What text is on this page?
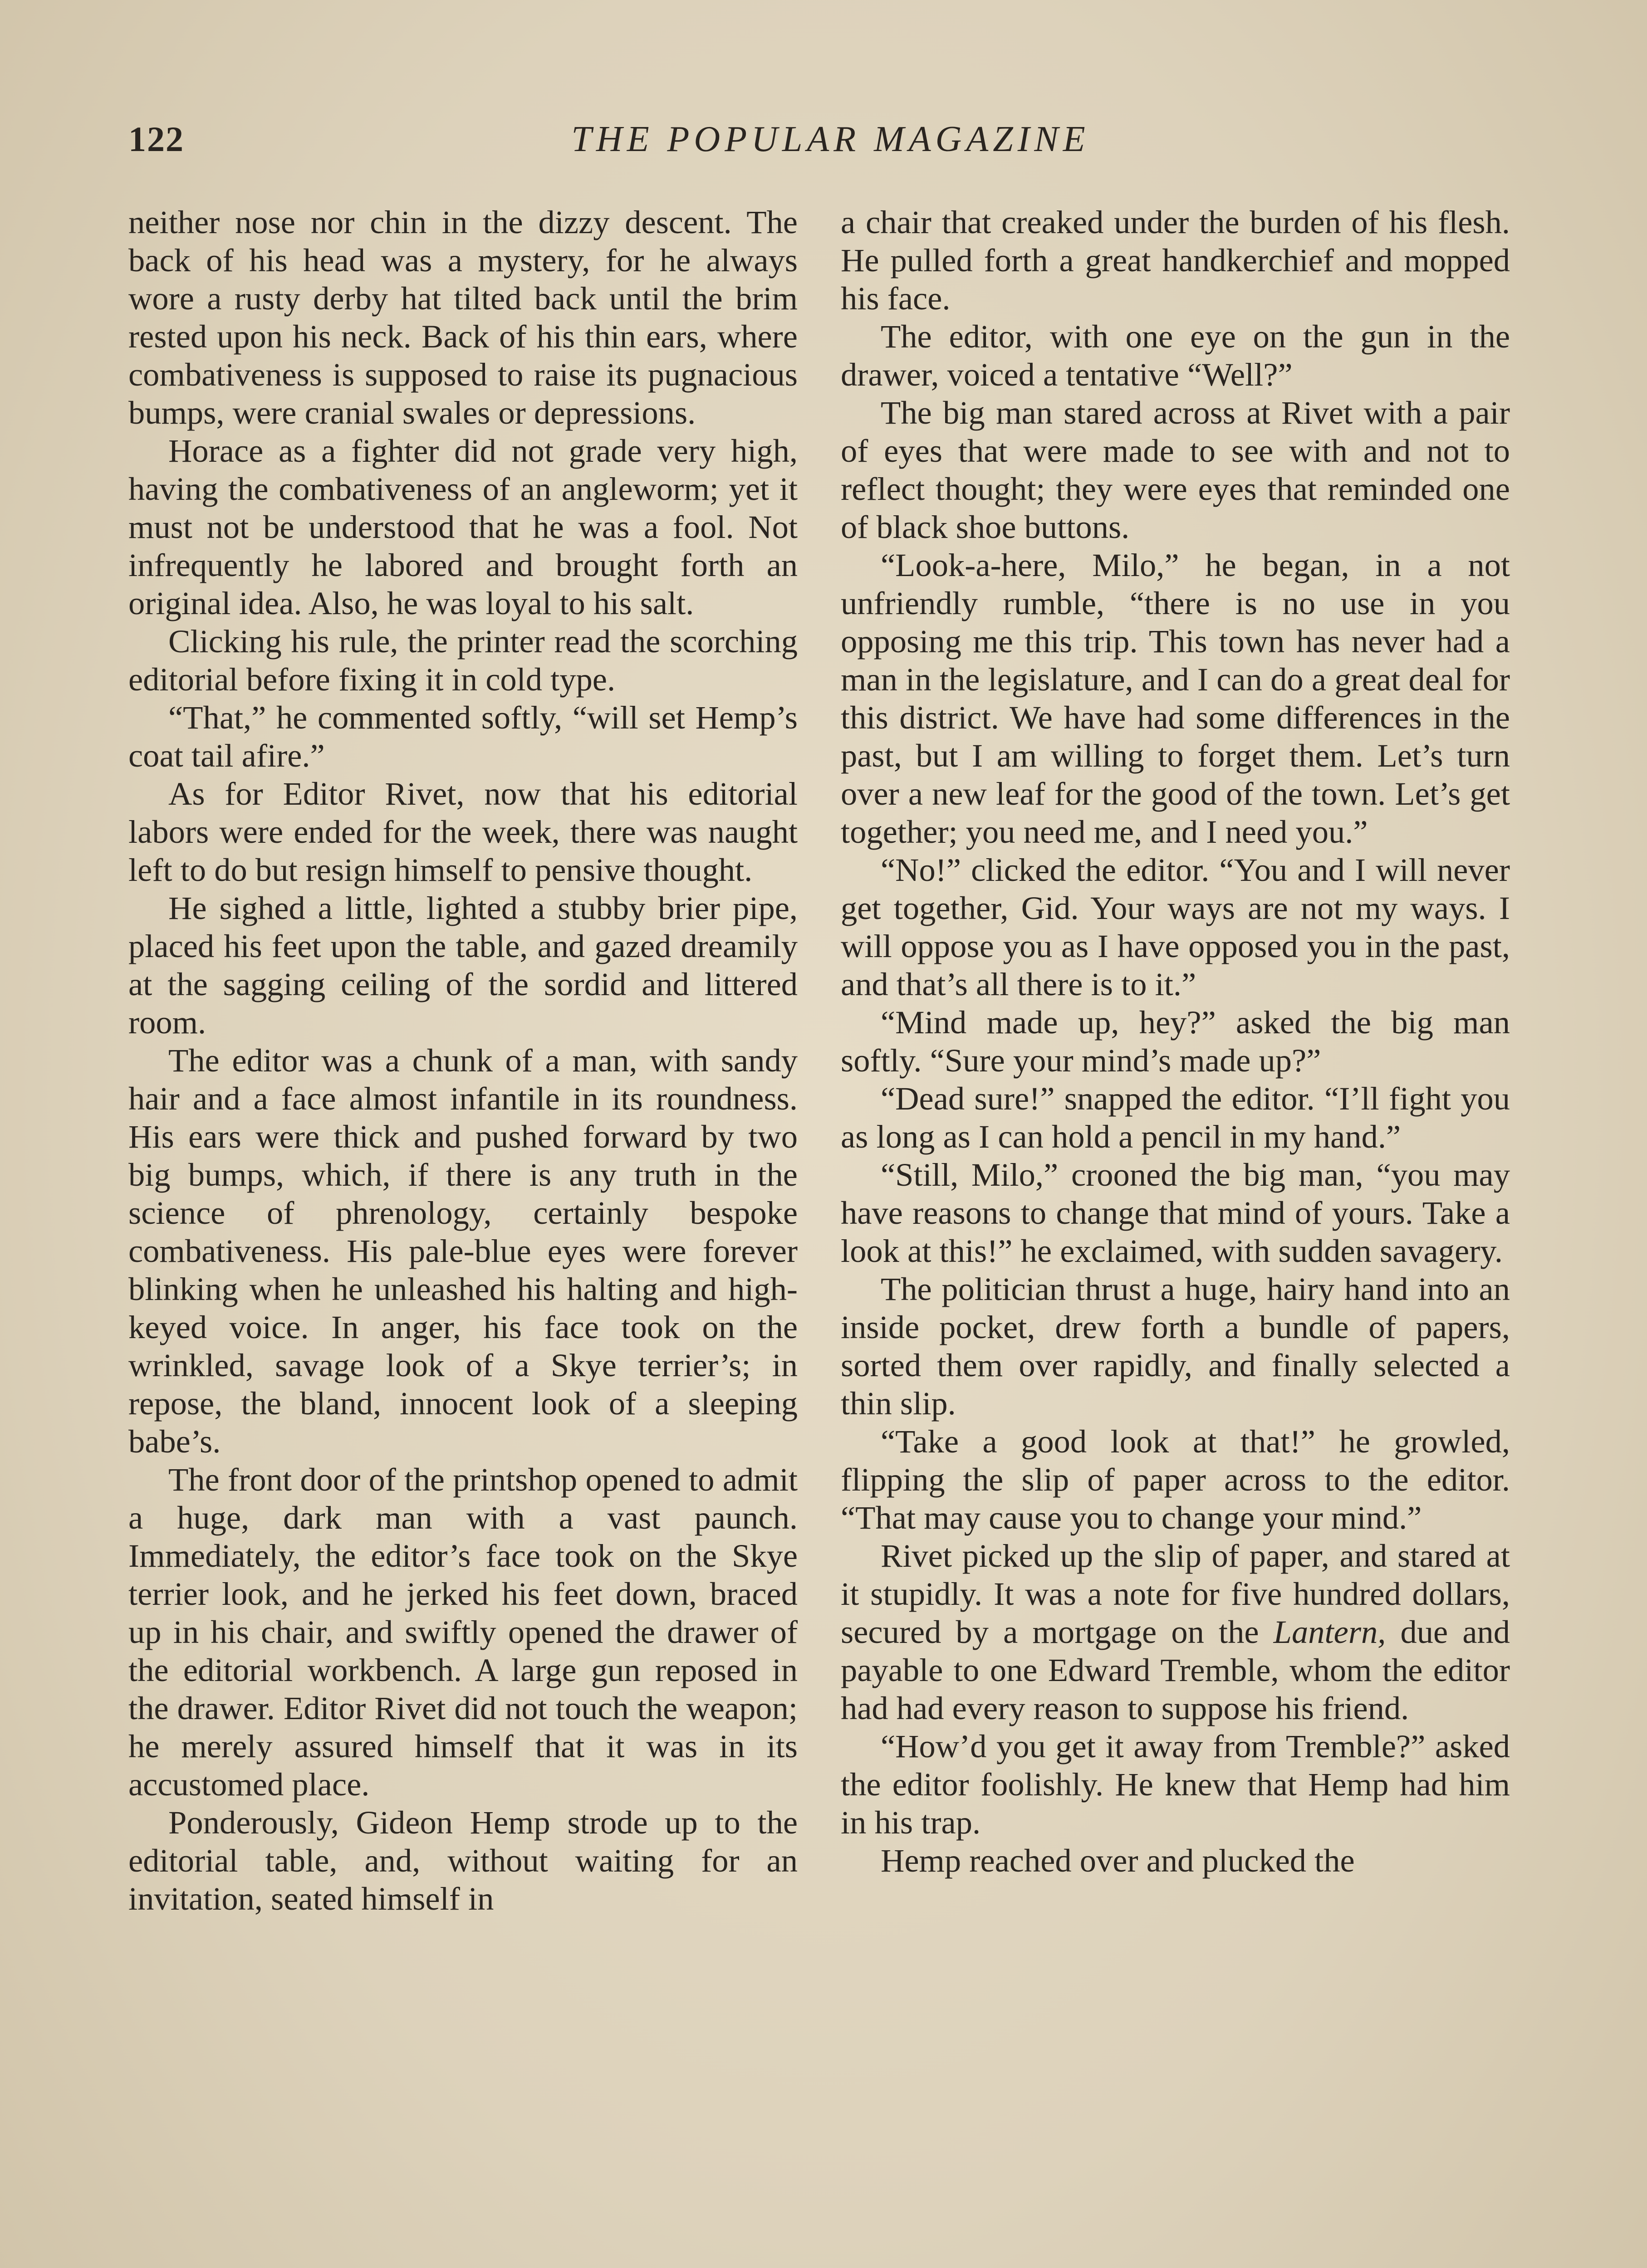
122	THE POPULAR MAGAZINE

neither nose nor chin in the dizzy descent. The back of his head was a mystery, for he always wore a rusty derby hat tilted back until the brim rested upon his neck. Back of his thin ears, where combativeness is supposed to raise its pugnacious bumps, were cranial swales or depressions.

Horace as a fighter did not grade very high, having the combativeness of an angleworm; yet it must not be understood that he was a fool. Not infrequently he labored and brought forth an original idea. Also, he was loyal to his salt.

Clicking his rule, the printer read the scorching editorial before fixing it in cold type.

“That,” he commented softly, “will set Hemp’s coat tail afire.”

As for Editor Rivet, now that his editorial labors were ended for the week, there was naught left to do but resign himself to pensive thought.

He sighed a little, lighted a stubby brier pipe, placed his feet upon the table, and gazed dreamily at the sagging ceiling of the sordid and littered room.

The editor was a chunk of a man, with sandy hair and a face almost infantile in its roundness. His ears were thick and pushed forward by two big bumps, which, if there is any truth in the science of phrenology, certainly bespoke combativeness. His pale-blue eyes were forever blinking when he unleashed his halting and high-keyed voice. In anger, his face took on the wrinkled, savage look of a Skye terrier’s; in repose, the bland, innocent look of a sleeping babe’s.

The front door of the printshop opened to admit a huge, dark man with a vast paunch. Immediately, the editor’s face took on the Skye terrier look, and he jerked his feet down, braced up in his chair, and swiftly opened the drawer of the editorial workbench. A large gun reposed in the drawer. Editor Rivet did not touch the weapon; he merely assured himself that it was in its accustomed place.

Ponderously, Gideon Hemp strode up to the editorial table, and, without waiting for an invitation, seated himself in

a chair that creaked under the burden of his flesh. He pulled forth a great handkerchief and mopped his face.

The editor, with one eye on the gun in the drawer, voiced a tentative “Well?”

The big man stared across at Rivet with a pair of eyes that were made to see with and not to reflect thought; they were eyes that reminded one of black shoe buttons.

“Look-a-here, Milo,” he began, in a not unfriendly rumble, “there is no use in you opposing me this trip. This town has never had a man in the legislature, and I can do a great deal for this district. We have had some differences in the past, but I am willing to forget them. Let’s turn over a new leaf for the good of the town. Let’s get together; you need me, and I need you.”

“No!” clicked the editor. “You and I will never get together, Gid. Your ways are not my ways. I will oppose you as I have opposed you in the past, and that’s all there is to it.”

“Mind made up, hey?” asked the big man softly. “Sure your mind’s made up?”

“Dead sure!” snapped the editor. “I’ll fight you as long as I can hold a pencil in my hand.”

“Still, Milo,” crooned the big man, “you may have reasons to change that mind of yours. Take a look at this!” he exclaimed, with sudden savagery.

The politician thrust a huge, hairy hand into an inside pocket, drew forth a bundle of papers, sorted them over rapidly, and finally selected a thin slip.

“Take a good look at that!” he growled, flipping the slip of paper across to the editor. “That may cause you to change your mind.”

Rivet picked up the slip of paper, and stared at it stupidly. It was a note for five hundred dollars, secured by a mortgage on the Lantern, due and payable to one Edward Tremble, whom the editor had had every reason to suppose his friend.

“How’d you get it away from Tremble?” asked the editor foolishly. He knew that Hemp had him in his trap.

Hemp reached over and plucked the
